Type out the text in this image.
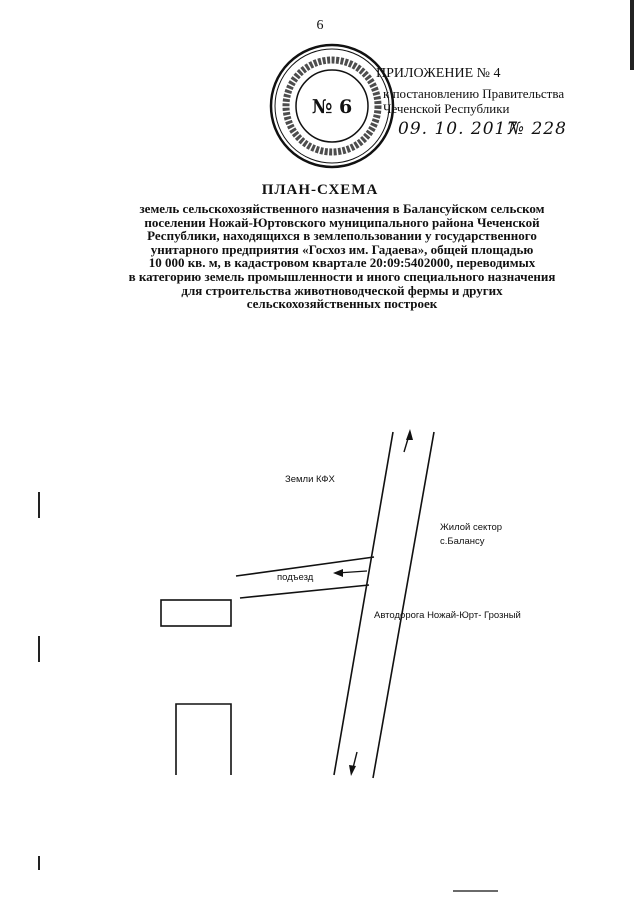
6
№ 6
ПРИЛОЖЕНИЕ № 4
к постановлению Правительства
Чеченской Республики
09. 10. 2017
№ 228
ПЛАН-СХЕМА
земель сельскохозяйственного назначения в Балансуйском сельском
поселении Ножай-Юртовского муниципального района Чеченской
Республики, находящихся в землепользовании у государственного
унитарного предприятия «Госхоз им. Гадаева», общей площадью
10 000 кв. м, в кадастровом квартале 20:09:5402000, переводимых
в категорию земель промышленности и иного специального назначения
для строительства животноводческой фермы и других
сельскохозяйственных построек
Земли КФХ
Жилой сектор
с.Балансу
подъезд
Автодорога Ножай-Юрт- Грозный
